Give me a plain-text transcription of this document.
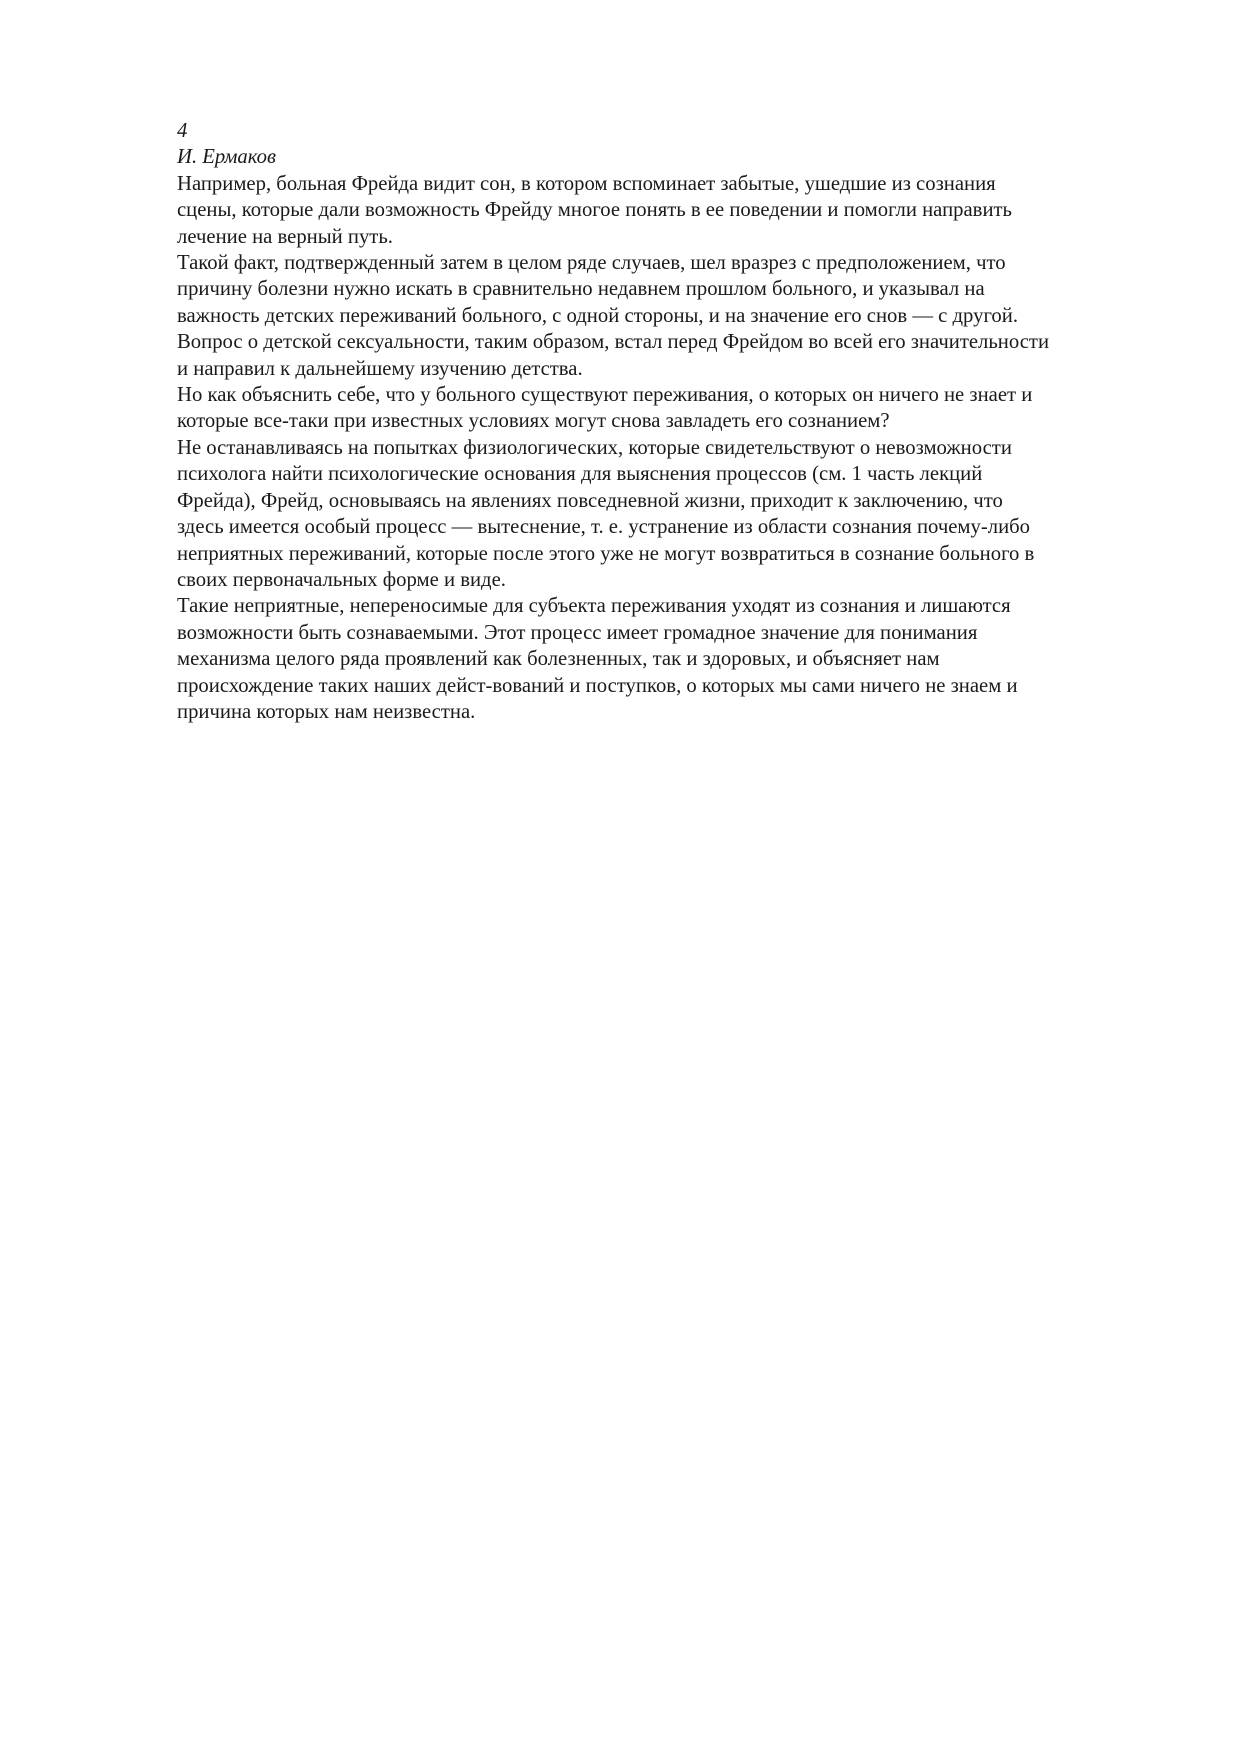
4
И. Ермаков
Например, больная Фрейда видит сон, в котором вспоминает забытые, ушедшие из сознания
сцены, которые дали возможность Фрейду многое понять в ее поведении и помогли направить
лечение на верный путь.
Такой факт, подтвержденный затем в целом ряде случаев, шел вразрез с предположением, что
причину болезни нужно искать в сравнительно недавнем прошлом больного, и указывал на
важность детских переживаний больного, с одной стороны, и на значение его снов — с другой.
Вопрос о детской сексуальности, таким образом, встал перед Фрейдом во всей его значительности
и направил к дальнейшему изучению детства.
Но как объяснить себе, что у больного существуют переживания, о которых он ничего не знает и
которые все-таки при известных условиях могут снова завладеть его сознанием?
Не останавливаясь на попытках физиологических, которые свидетельствуют о невозможности
психолога найти психологические основания для выяснения процессов (см. 1 часть лекций
Фрейда), Фрейд, основываясь на явлениях повседневной жизни, приходит к заключению, что
здесь имеется особый процесс — вытеснение, т. е. устранение из области сознания почему-либо
неприятных переживаний, которые после этого уже не могут возвратиться в сознание больного в
своих первоначальных форме и виде.
Такие неприятные, непереносимые для субъекта переживания уходят из сознания и лишаются
возможности быть сознаваемыми. Этот процесс имеет громадное значение для понимания
механизма целого ряда проявлений как болезненных, так и здоровых, и объясняет нам
происхождение таких наших дейст-вований и поступков, о которых мы сами ничего не знаем и
причина которых нам неизвестна.
